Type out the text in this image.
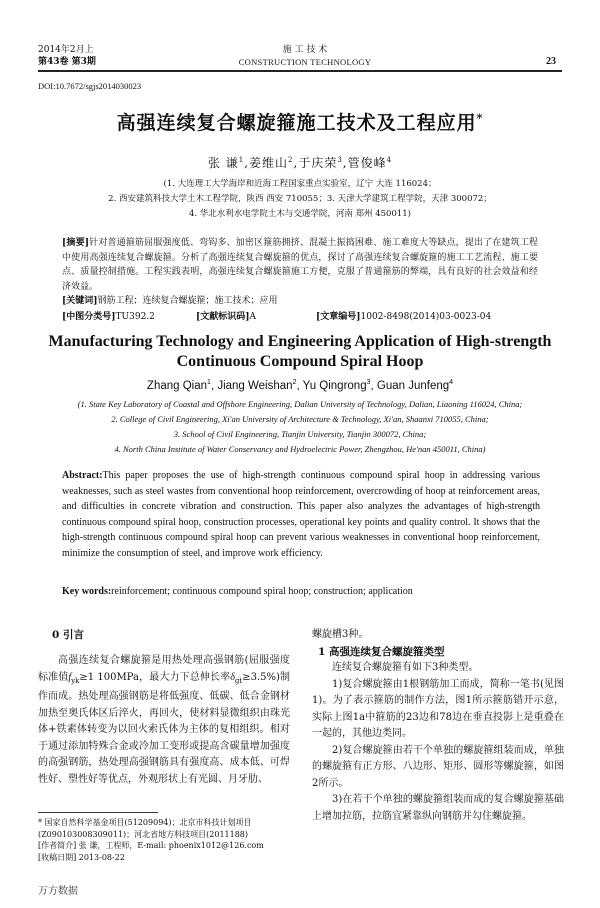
2014年2月上
第43卷 第3期
施 工 技 术
CONSTRUCTION TECHNOLOGY	23
DOI:10.7672/sgjs2014030023
高强连续复合螺旋箍施工技术及工程应用*
张 谦$^1$,姜维山$^2$,于庆荣$^3$,管俊峰$^4$
(1. 大连理工大学海岸和近海工程国家重点实验室，辽宁 大连 116024；
2. 西安建筑科技大学土木工程学院，陕西 西安 710055；3. 天津大学建筑工程学院，天津 300072；
4. 华北水利水电学院土木与交通学院，河南 郑州 450011)
[摘要]针对普通箍筋屈服强度低、弯钩多、加密区箍筋拥挤、混凝土振捣困难、施工难度大等缺点，提出了在建筑工程中使用高强连续复合螺旋箍。分析了高强连续复合螺旋箍的优点，探讨了高强连续复合螺旋箍的施工工艺流程、施工要点、质量控制措施。工程实践表明，高强连续复合螺旋箍施工方便，克服了普通箍筋的弊端，具有良好的社会效益和经济效益。
[关键词]钢筋工程；连续复合螺旋箍；施工技术；应用
[中图分类号]TU392.2	[文献标识码]A	[文章编号]1002-8498(2014)03-0023-04
Manufacturing Technology and Engineering Application of High-strength
Continuous Compound Spiral Hoop
Zhang Qian$^1$, Jiang Weishan$^2$, Yu Qingrong$^3$, Guan Junfeng$^4$
(1. State Key Laboratory of Coastal and Offshore Engineering, Dalian University of Technology, Dalian, Liaoning 116024, China;
2. College of Civil Engineering, Xi'an University of Architecture & Technology, Xi'an, Shaanxi 710055, China;
3. School of Civil Engineering, Tianjin University, Tianjin 300072, China;
4. North China Institute of Water Conservancy and Hydroelectric Power, Zhengzhou, He'nan 450011, China)
Abstract:This paper proposes the use of high-strength continuous compound spiral hoop in addressing various weaknesses, such as steel wastes from conventional hoop reinforcement, overcrowding of hoop at reinforcement areas, and difficulties in concrete vibration and construction. This paper also analyzes the advantages of high-strength continuous compound spiral hoop, construction processes, operational key points and quality control. It shows that the high-strength continuous compound spiral hoop can prevent various weaknesses in conventional hoop reinforcement, minimize the consumption of steel, and improve work efficiency.
Key words:reinforcement; continuous compound spiral hoop; construction; application
0 引言
高强连续复合螺旋箍是用热处理高强钢筋(屈服强度标准值$f_{yk}\ge 1$ 100MPa，最大力下总伸长率$\delta_{gt}\ge 3.5\%$)制作而成。热处理高强钢筋是将低强度、低碳、低合金钢材加热至奥氏体区后淬火，再回火，使材料显微组织由珠光体+铁素体转变为以回火索氏体为主体的复相组织。相对于通过添加特殊合金或冷加工变形或提高含碳量增加强度的高强钢筋，热处理高强钢筋具有强度高、成本低、可焊性好、塑性好等优点，外观形状上有光圆、月牙肋、
螺旋槽3种。
1 高强连续复合螺旋箍类型
连续复合螺旋箍有如下3种类型。
1)复合螺旋箍由1根钢筋加工而成，简称一笔书(见图1)。为了表示箍筋的制作方法，图1所示箍筋错开示意，实际上图1a中箍筋的23边和78边在垂直投影上是重叠在一起的，其他边类同。
2)复合螺旋箍由若干个单独的螺旋箍组装而成，单独的螺旋箍有正方形、八边形、矩形、圆形等螺旋箍，如图2所示。
3)在若干个单独的螺旋箍组装而成的复合螺旋箍基础上增加拉筋，拉筋宜紧靠纵向钢筋并勾住螺旋箍。
* 国家自然科学基金项目(51209094)；北京市科技计划项目(Z090103008309011)；河北省地方科技项目(2011188)
[作者简介] 张 谦，工程师，E-mail: phoenix1012@126.com
[收稿日期] 2013-08-22
万方数据
